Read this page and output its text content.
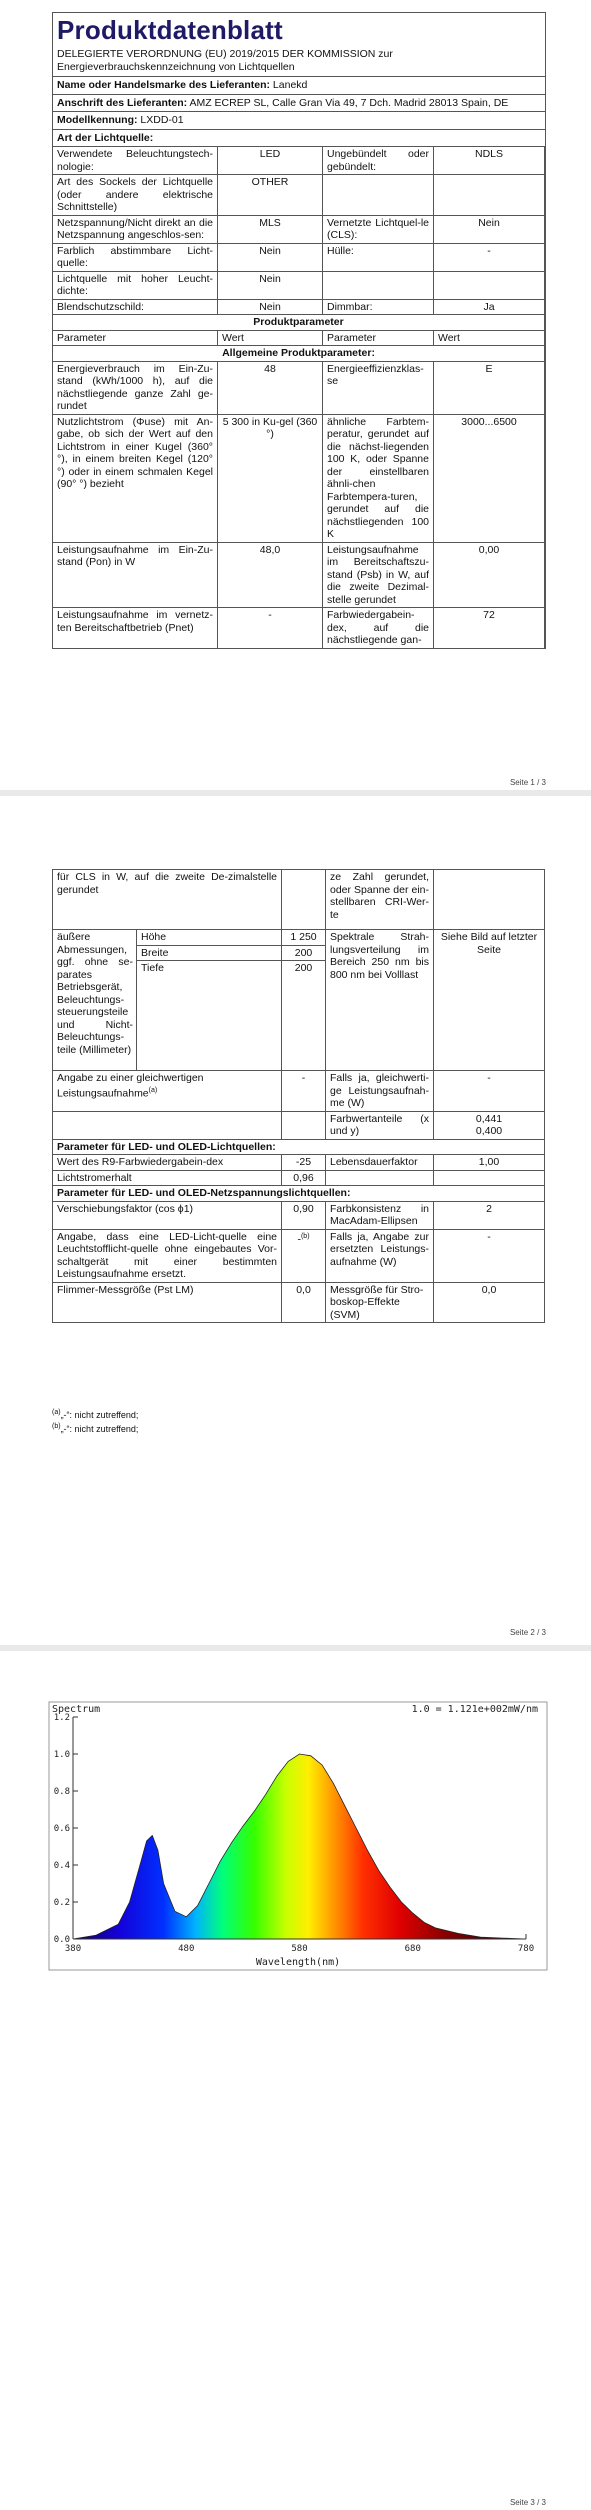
Produktdatenblatt
DELEGIERTE VERORDNUNG (EU) 2019/2015 DER KOMMISSION zur Energieverbrauchskennzeichnung von Lichtquellen
Name oder Handelsmarke des Lieferanten: Lanekd
Anschrift des Lieferanten: AMZ ECREP SL, Calle Gran Via 49, 7 Dch. Madrid 28013 Spain, DE
Modellkennung: LXDD-01
Art der Lichtquelle:
Verwendete Beleuchtungstech-nologie:	LED	Ungebündelt oder gebündelt:	NDLS
Art des Sockels der Lichtquelle (oder andere elektrische Schnittstelle)	OTHER		
Netzspannung/Nicht direkt an die Netzspannung angeschlos-sen:	MLS	Vernetzte Lichtquel-le (CLS):	Nein
Farblich abstimmbare Licht-quelle:	Nein	Hülle:	-
Lichtquelle mit hoher Leucht-dichte:	Nein		
Blendschutzschild:	Nein	Dimmbar:	Ja
Produktparameter			
Parameter	Wert	Parameter	Wert
Allgemeine Produktparameter:			
Energieverbrauch im Ein-Zu-stand (kWh/1000 h), auf die nächstliegende ganze Zahl ge-rundet	48	Energieeffizienzklas-se	E
Nutzlichtstrom (Φuse) mit An-gabe, ob sich der Wert auf den Lichtstrom in einer Kugel (360° °), in einem breiten Kegel (120° °) oder in einem schmalen Kegel (90° °) bezieht	5 300 in Ku-gel (360 °)	ähnliche Farbtem-peratur, gerundet auf die nächst-liegenden 100 K, oder Spanne der einstellbaren ähnli-chen Farbtempera-turen, gerundet auf die nächstliegenden 100 K	3000...6500
Leistungsaufnahme im Ein-Zu-stand (Pon) in W	48,0	Leistungsaufnahme im Bereitschaftszu-stand (Psb) in W, auf die zweite Dezimal-stelle gerundet	0,00
Leistungsaufnahme im vernetz-ten Bereitschaftbetrieb (Pnet)	-	Farbwiedergabein-dex, auf die nächstliegende gan-	72
Seite 1 / 3
für CLS in W, auf die zweite De-zimalstelle gerundet			ze Zahl gerundet, oder Spanne der ein-stellbaren CRI-Wer-te	
äußere Abmessungen, ggf. ohne se-parates Betriebsgerät, Beleuchtungs-steuerungsteile und Nicht-Beleuchtungs-teile (Millimeter)	Höhe	1 250	Spektrale Strah-lungsverteilung im Bereich 250 nm bis 800 nm bei Volllast	Siehe Bild auf letzter Seite
	Breite	200		
	Tiefe	200		
Angabe zu einer gleichwertigen Leistungsaufnahme$^{(a)}$		-	Falls ja, gleichwerti-ge Leistungsaufnah-me (W)	-
			Farbwertanteile (x und y)	0,441
0,400

Parameter für LED- und OLED-Lichtquellen:				
Wert des R9-Farbwiedergabein-dex		-25	Lebensdauerfaktor	1,00
Lichtstromerhalt		0,96		
Parameter für LED- und OLED-Netzspannungslichtquellen:				
Verschiebungsfaktor (cos ϕ1)		0,90	Farbkonsistenz in MacAdam-Ellipsen	2
Angabe, dass eine LED-Licht-quelle eine Leuchtstofflicht-quelle ohne eingebautes Vor-schaltgerät mit einer bestimmten Leistungsaufnahme ersetzt.		-$^{(b)}$	Falls ja, Angabe zur ersetzten Leistungs-aufnahme (W)	-
Flimmer-Messgröße (Pst LM)		0,0	Messgröße für Stro-boskop-Effekte (SVM)	0,0
$^{(a)}$„-“: nicht zutreffend;
$^{(b)}$„-“: nicht zutreffend;
Seite 2 / 3
Spectrum	1.0 = 1.121e+002mW/nm
0.0
0.2
0.4
0.6
0.8
1.0
1.2
380	480	580	680	780
Wavelength(nm)
Seite 3 / 3
